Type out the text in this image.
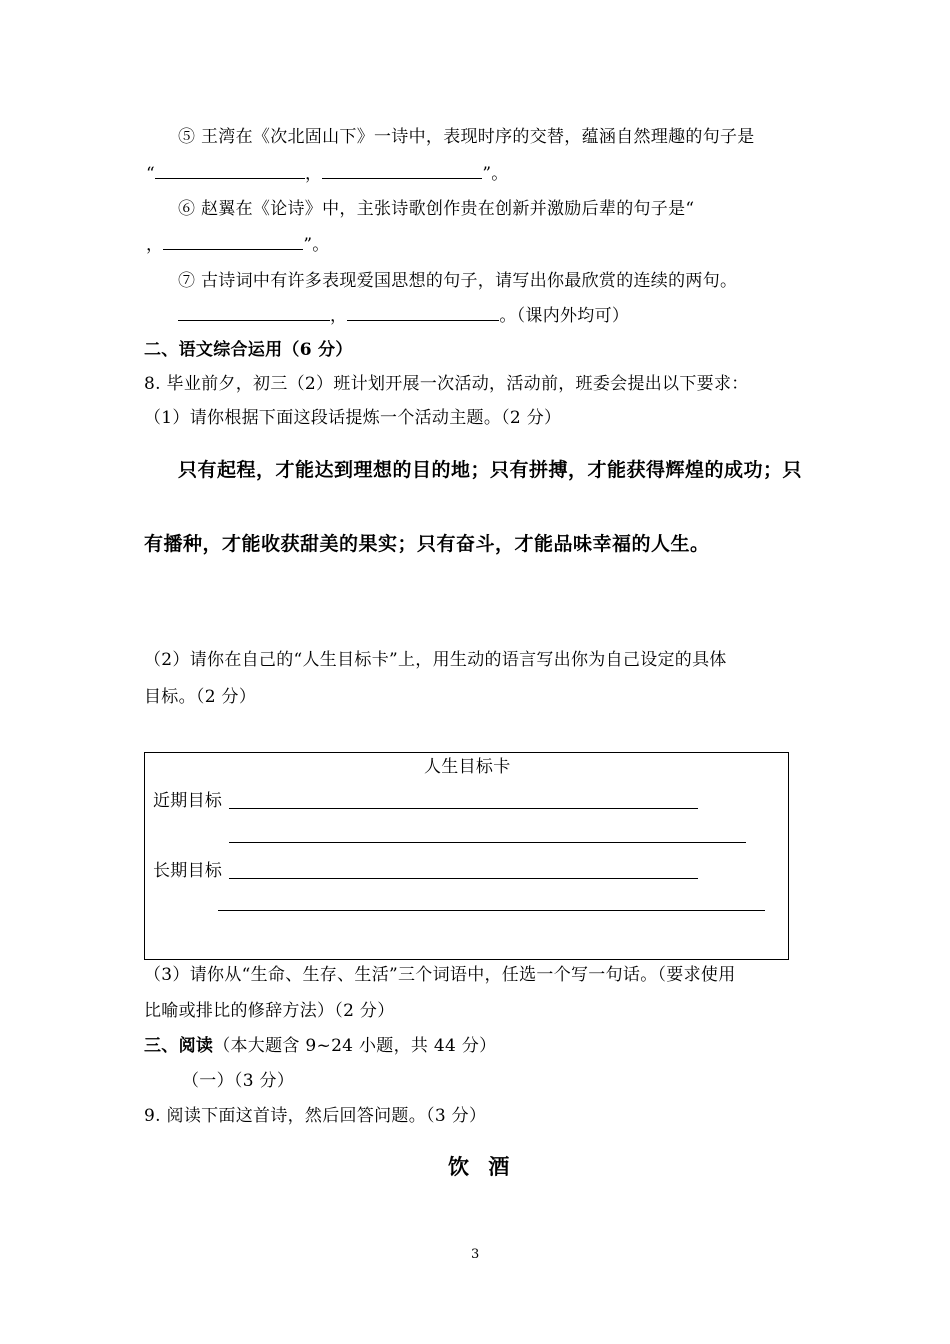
⑤ 王湾在《次北固山下》一诗中，表现时序的交替，蕴涵自然理趣的句子是
“	，	”。
⑥ 赵翼在《论诗》中，主张诗歌创作贵在创新并激励后辈的句子是“
，	”。
⑦ 古诗词中有许多表现爱国思想的句子，请写出你最欣赏的连续的两句。
，	。（课内外均可）
二、语文综合运用（6 分）
8. 毕业前夕，初三（2）班计划开展一次活动，活动前，班委会提出以下要求：
（1）请你根据下面这段话提炼一个活动主题。（2 分）
只有起程，才能达到理想的目的地；只有拼搏，才能获得辉煌的成功；只
有播种，才能收获甜美的果实；只有奋斗，才能品味幸福的人生。
（2）请你在自己的“人生目标卡”上，用生动的语言写出你为自己设定的具体
目标。（2 分）
人生目标卡
近期目标
长期目标
（3）请你从“生命、生存、生活”三个词语中，任选一个写一句话。（要求使用
比喻或排比的修辞方法）（2 分）
三、阅读（本大题含 9~24 小题，共 44 分）
（一）（3 分）
9. 阅读下面这首诗，然后回答问题。（3 分）
饮 酒
3
